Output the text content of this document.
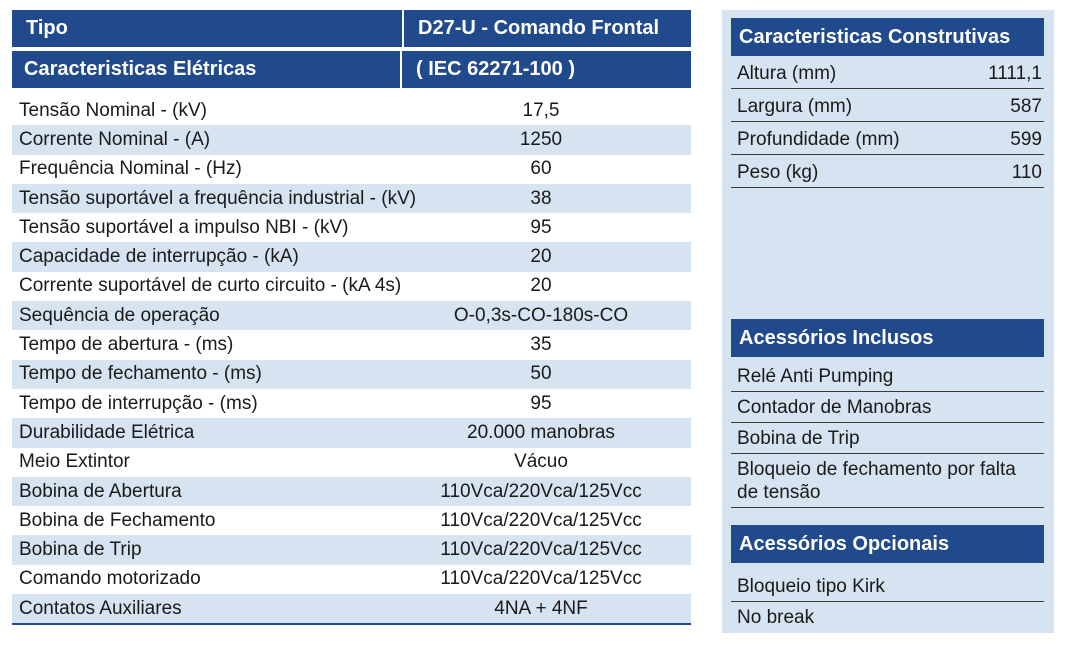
Tipo	D27-U - Comando Frontal
Caracteristicas Elétricas	( IEC 62271-100 )
Tensão Nominal - (kV)	17,5
Corrente Nominal - (A)	1250
Frequência Nominal - (Hz)	60
Tensão suportável a frequência industrial - (kV)	38
Tensão suportável a impulso NBI - (kV)	95
Capacidade de interrupção - (kA)	20
Corrente suportável de curto circuito - (kA 4s)	20
Sequência de operação	O-0,3s-CO-180s-CO
Tempo de abertura - (ms)	35
Tempo de fechamento - (ms)	50
Tempo de interrupção - (ms)	95
Durabilidade Elétrica	20.000 manobras
Meio Extintor	Vácuo
Bobina de Abertura	110Vca/220Vca/125Vcc
Bobina de Fechamento	110Vca/220Vca/125Vcc
Bobina de Trip	110Vca/220Vca/125Vcc
Comando motorizado	110Vca/220Vca/125Vcc
Contatos Auxiliares	4NA + 4NF
Caracteristicas Construtivas
Altura (mm)	1111,1
Largura (mm)	587
Profundidade (mm)	599
Peso (kg)	110
Acessórios Inclusos
Relé Anti Pumping
Contador de Manobras
Bobina de Trip
Bloqueio de fechamento por falta de tensão
Acessórios Opcionais
Bloqueio tipo Kirk
No break
